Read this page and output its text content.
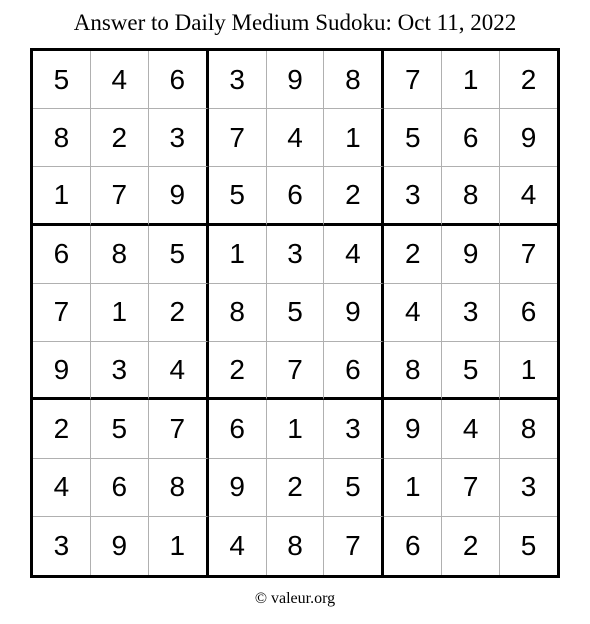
Answer to Daily Medium Sudoku: Oct 11, 2022
5	4	6	3	9	8	7	1	2
8	2	3	7	4	1	5	6	9
1	7	9	5	6	2	3	8	4
6	8	5	1	3	4	2	9	7
7	1	2	8	5	9	4	3	6
9	3	4	2	7	6	8	5	1
2	5	7	6	1	3	9	4	8
4	6	8	9	2	5	1	7	3
3	9	1	4	8	7	6	2	5
© valeur.org
